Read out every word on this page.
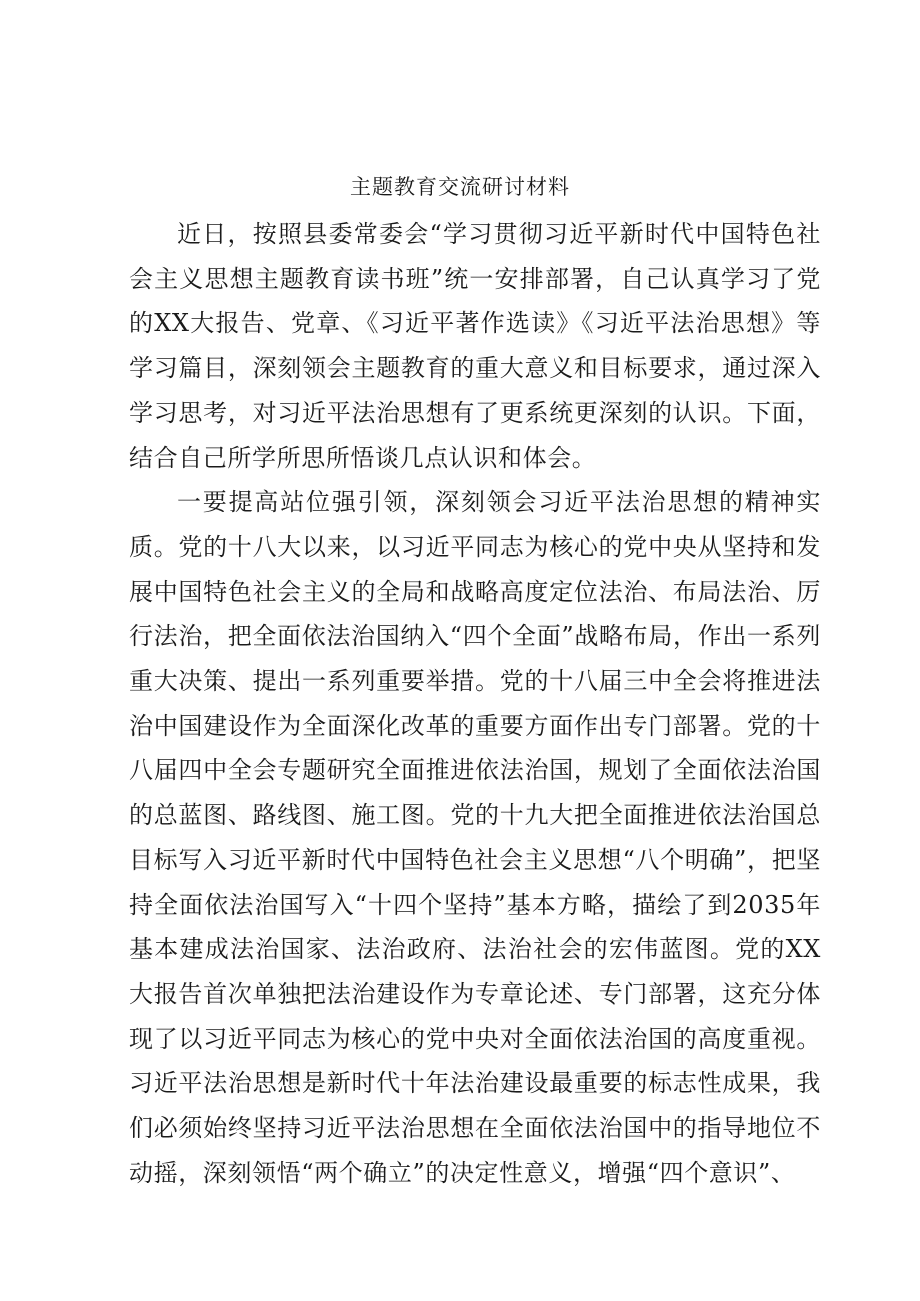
主题教育交流研讨材料

近日，按照县委常委会“学习贯彻习近平新时代中国特色社会主义思想主题教育读书班”统一安排部署，自己认真学习了党的XX大报告、党章、《习近平著作选读》《习近平法治思想》等学习篇目，深刻领会主题教育的重大意义和目标要求，通过深入学习思考，对习近平法治思想有了更系统更深刻的认识。下面，结合自己所学所思所悟谈几点认识和体会。

一要提高站位强引领，深刻领会习近平法治思想的精神实质。党的十八大以来，以习近平同志为核心的党中央从坚持和发展中国特色社会主义的全局和战略高度定位法治、布局法治、厉行法治，把全面依法治国纳入“四个全面”战略布局，作出一系列重大决策、提出一系列重要举措。党的十八届三中全会将推进法治中国建设作为全面深化改革的重要方面作出专门部署。党的十八届四中全会专题研究全面推进依法治国，规划了全面依法治国的总蓝图、路线图、施工图。党的十九大把全面推进依法治国总目标写入习近平新时代中国特色社会主义思想“八个明确”，把坚持全面依法治国写入“十四个坚持”基本方略，描绘了到2035年基本建成法治国家、法治政府、法治社会的宏伟蓝图。党的XX大报告首次单独把法治建设作为专章论述、专门部署，这充分体现了以习近平同志为核心的党中央对全面依法治国的高度重视。习近平法治思想是新时代十年法治建设最重要的标志性成果，我们必须始终坚持习近平法治思想在全面依法治国中的指导地位不动摇，深刻领悟“两个确立”的决定性意义，增强“四个意识”、
